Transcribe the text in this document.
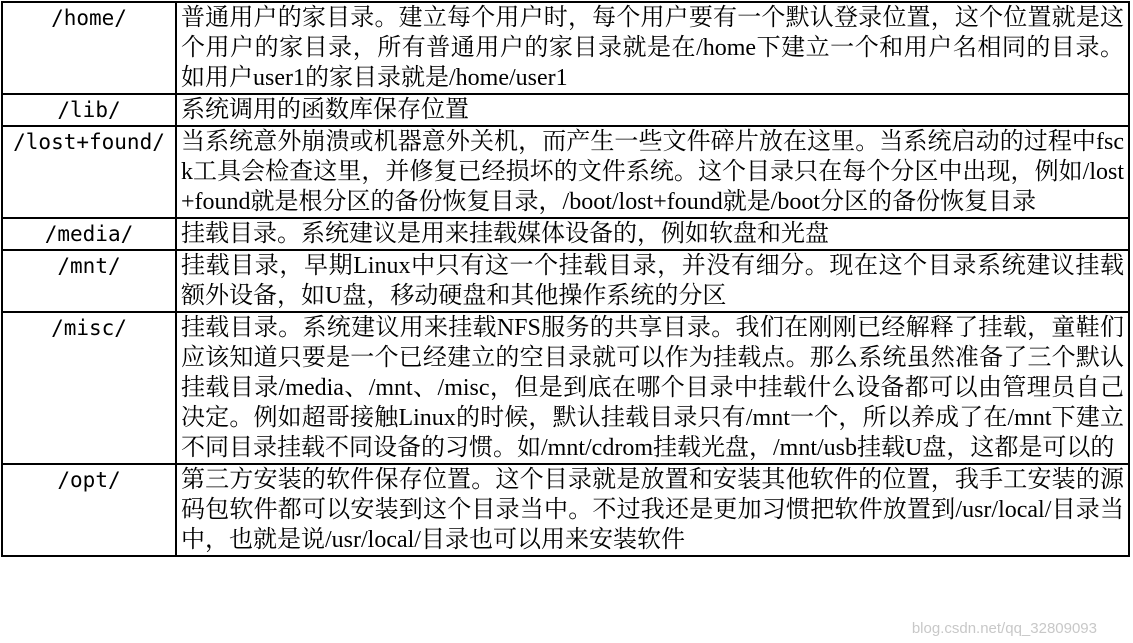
/home/	普通用户的家目录。建立每个用户时，每个用户要有一个默认登录位置，这个位置就是这个用户的家目录，所有普通用户的家目录就是在/home下建立一个和用户名相同的目录。如用户user1的家目录就是/home/user1
/lib/	系统调用的函数库保存位置
/lost+found/	当系统意外崩溃或机器意外关机，而产生一些文件碎片放在这里。当系统启动的过程中fsck工具会检查这里，并修复已经损坏的文件系统。这个目录只在每个分区中出现，例如/lost+found就是根分区的备份恢复目录，/boot/lost+found就是/boot分区的备份恢复目录
/media/	挂载目录。系统建议是用来挂载媒体设备的，例如软盘和光盘
/mnt/	挂载目录，早期Linux中只有这一个挂载目录，并没有细分。现在这个目录系统建议挂载额外设备，如U盘，移动硬盘和其他操作系统的分区
/misc/	挂载目录。系统建议用来挂载NFS服务的共享目录。我们在刚刚已经解释了挂载，童鞋们应该知道只要是一个已经建立的空目录就可以作为挂载点。那么系统虽然准备了三个默认挂载目录/media、/mnt、/misc，但是到底在哪个目录中挂载什么设备都可以由管理员自己决定。例如超哥接触Linux的时候，默认挂载目录只有/mnt一个，所以养成了在/mnt下建立不同目录挂载不同设备的习惯。如/mnt/cdrom挂载光盘，/mnt/usb挂载U盘，这都是可以的
/opt/	第三方安装的软件保存位置。这个目录就是放置和安装其他软件的位置，我手工安装的源码包软件都可以安装到这个目录当中。不过我还是更加习惯把软件放置到/usr/local/目录当中，也就是说/usr/local/目录也可以用来安装软件
blog.csdn.net/qq_32809093
